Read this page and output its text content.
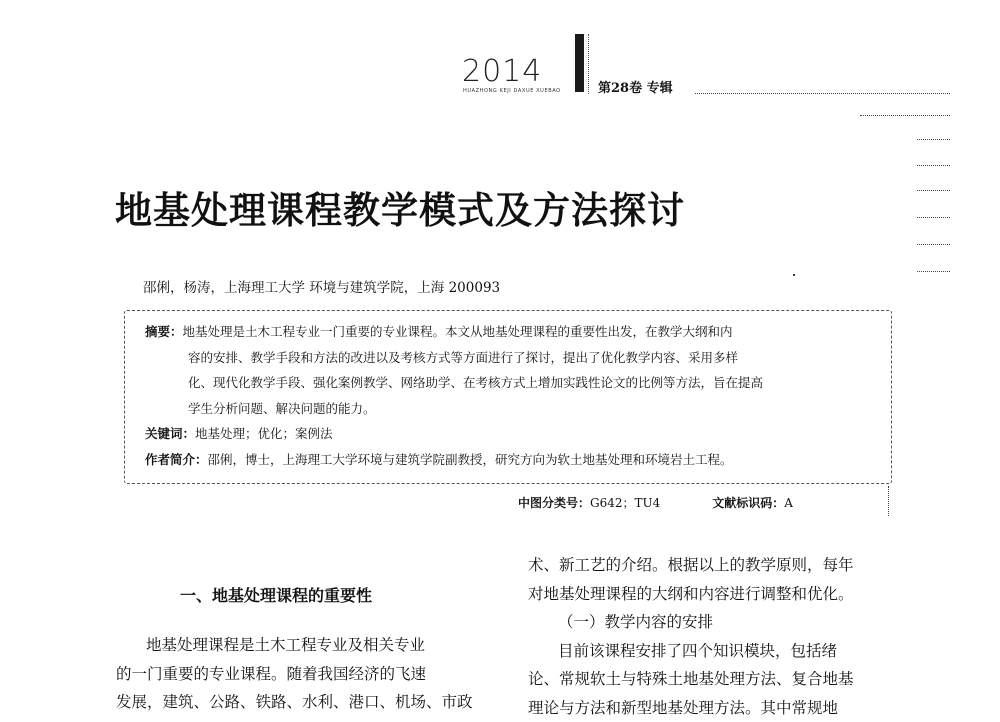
2014
HUAZHONG KEJI DAXUE XUEBAO	第28卷 专辑
地基处理课程教学模式及方法探讨
邵俐，杨涛，上海理工大学 环境与建筑学院，上海 200093

摘要：地基处理是土木工程专业一门重要的专业课程。本文从地基处理课程的重要性出发，在教学大纲和内

容的安排、教学手段和方法的改进以及考核方式等方面进行了探讨，提出了优化教学内容、采用多样

化、现代化教学手段、强化案例教学、网络助学、在考核方式上增加实践性论文的比例等方法，旨在提高

学生分析问题、解决问题的能力。

关键词：地基处理；优化；案例法

作者简介：邵俐，博士，上海理工大学环境与建筑学院副教授，研究方向为软土地基处理和环境岩土工程。

中图分类号：G642；TU4	文献标识码：A
一、地基处理课程的重要性

地基处理课程是土木工程专业及相关专业

的一门重要的专业课程。随着我国经济的飞速

发展，建筑、公路、铁路、水利、港口、机场、市政

术、新工艺的介绍。根据以上的教学原则，每年

对地基处理课程的大纲和内容进行调整和优化。

（一）教学内容的安排

目前该课程安排了四个知识模块，包括绪

论、常规软土与特殊土地基处理方法、复合地基

理论与方法和新型地基处理方法。其中常规地
